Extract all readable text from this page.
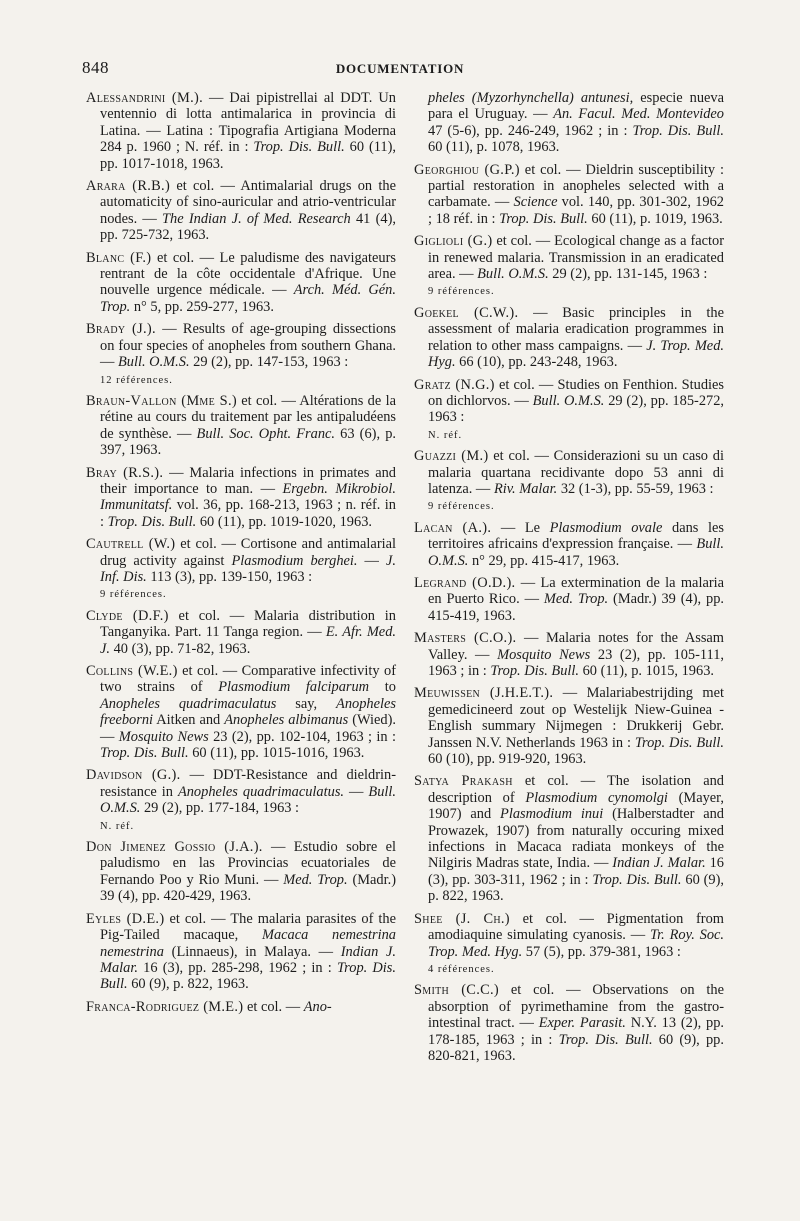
848	DOCUMENTATION

Alessandrini (M.). — Dai pipistrellai al DDT. Un ventennio di lotta antimalarica in provincia di Latina. — Latina : Tipografia Artigiana Moderna 284 p. 1960 ; N. réf. in : Trop. Dis. Bull. 60 (11), pp. 1017-1018, 1963.

Arara (R.B.) et col. — Antimalarial drugs on the automaticity of sino-auricular and atrio-ventricular nodes. — The Indian J. of Med. Research 41 (4), pp. 725-732, 1963.

Blanc (F.) et col. — Le paludisme des navigateurs rentrant de la côte occidentale d'Afrique. Une nouvelle urgence médicale. — Arch. Méd. Gén. Trop. n° 5, pp. 259-277, 1963.

Brady (J.). — Results of age-grouping dissections on four species of anopheles from southern Ghana. — Bull. O.M.S. 29 (2), pp. 147-153, 1963 :
12 références.

Braun-Vallon (Mme S.) et col. — Altérations de la rétine au cours du traitement par les antipaludéens de synthèse. — Bull. Soc. Opht. Franc. 63 (6), p. 397, 1963.

Bray (R.S.). — Malaria infections in primates and their importance to man. — Ergebn. Mikrobiol. Immunitatsf. vol. 36, pp. 168-213, 1963 ; n. réf. in : Trop. Dis. Bull. 60 (11), pp. 1019-1020, 1963.

Cautrell (W.) et col. — Cortisone and antimalarial drug activity against Plasmodium berghei. — J. Inf. Dis. 113 (3), pp. 139-150, 1963 :
9 références.

Clyde (D.F.) et col. — Malaria distribution in Tanganyika. Part. 11 Tanga region. — E. Afr. Med. J. 40 (3), pp. 71-82, 1963.

Collins (W.E.) et col. — Comparative infectivity of two strains of Plasmodium falciparum to Anopheles quadrimaculatus say, Anopheles freeborni Aitken and Anopheles albimanus (Wied). — Mosquito News 23 (2), pp. 102-104, 1963 ; in : Trop. Dis. Bull. 60 (11), pp. 1015-1016, 1963.

Davidson (G.). — DDT-Resistance and dieldrin-resistance in Anopheles quadrimaculatus. — Bull. O.M.S. 29 (2), pp. 177-184, 1963 :
N. réf.

Don Jimenez Gossio (J.A.). — Estudio sobre el paludismo en las Provincias ecuatoriales de Fernando Poo y Rio Muni. — Med. Trop. (Madr.) 39 (4), pp. 420-429, 1963.

Eyles (D.E.) et col. — The malaria parasites of the Pig-Tailed macaque, Macaca nemestrina nemestrina (Linnaeus), in Malaya. — Indian J. Malar. 16 (3), pp. 285-298, 1962 ; in : Trop. Dis. Bull. 60 (9), p. 822, 1963.

Franca-Rodriguez (M.E.) et col. — Ano-

pheles (Myzorhynchella) antunesi, especie nueva para el Uruguay. — An. Facul. Med. Montevideo 47 (5-6), pp. 246-249, 1962 ; in : Trop. Dis. Bull. 60 (11), p. 1078, 1963.

Georghiou (G.P.) et col. — Dieldrin susceptibility : partial restoration in anopheles selected with a carbamate. — Science vol. 140, pp. 301-302, 1962 ; 18 réf. in : Trop. Dis. Bull. 60 (11), p. 1019, 1963.

Giglioli (G.) et col. — Ecological change as a factor in renewed malaria. Transmission in an eradicated area. — Bull. O.M.S. 29 (2), pp. 131-145, 1963 :
9 références.

Goekel (C.W.). — Basic principles in the assessment of malaria eradication programmes in relation to other mass campaigns. — J. Trop. Med. Hyg. 66 (10), pp. 243-248, 1963.

Gratz (N.G.) et col. — Studies on Fenthion. Studies on dichlorvos. — Bull. O.M.S. 29 (2), pp. 185-272, 1963 :
N. réf.

Guazzi (M.) et col. — Considerazioni su un caso di malaria quartana recidivante dopo 53 anni di latenza. — Riv. Malar. 32 (1-3), pp. 55-59, 1963 :
9 références.

Lacan (A.). — Le Plasmodium ovale dans les territoires africains d'expression française. — Bull. O.M.S. n° 29, pp. 415-417, 1963.

Legrand (O.D.). — La extermination de la malaria en Puerto Rico. — Med. Trop. (Madr.) 39 (4), pp. 415-419, 1963.

Masters (C.O.). — Malaria notes for the Assam Valley. — Mosquito News 23 (2), pp. 105-111, 1963 ; in : Trop. Dis. Bull. 60 (11), p. 1015, 1963.

Meuwissen (J.H.E.T.). — Malariabestrijding met gemedicineerd zout op Westelijk Niew-Guinea - English summary Nijmegen : Drukkerij Gebr. Janssen N.V. Netherlands 1963 in : Trop. Dis. Bull. 60 (10), pp. 919-920, 1963.

Satya Prakash et col. — The isolation and description of Plasmodium cynomolgi (Mayer, 1907) and Plasmodium inui (Halberstadter and Prowazek, 1907) from naturally occuring mixed infections in Macaca radiata monkeys of the Nilgiris Madras state, India. — Indian J. Malar. 16 (3), pp. 303-311, 1962 ; in : Trop. Dis. Bull. 60 (9), p. 822, 1963.

Shee (J. Ch.) et col. — Pigmentation from amodiaquine simulating cyanosis. — Tr. Roy. Soc. Trop. Med. Hyg. 57 (5), pp. 379-381, 1963 :
4 références.

Smith (C.C.) et col. — Observations on the absorption of pyrimethamine from the gastro-intestinal tract. — Exper. Parasit. N.Y. 13 (2), pp. 178-185, 1963 ; in : Trop. Dis. Bull. 60 (9), pp. 820-821, 1963.
